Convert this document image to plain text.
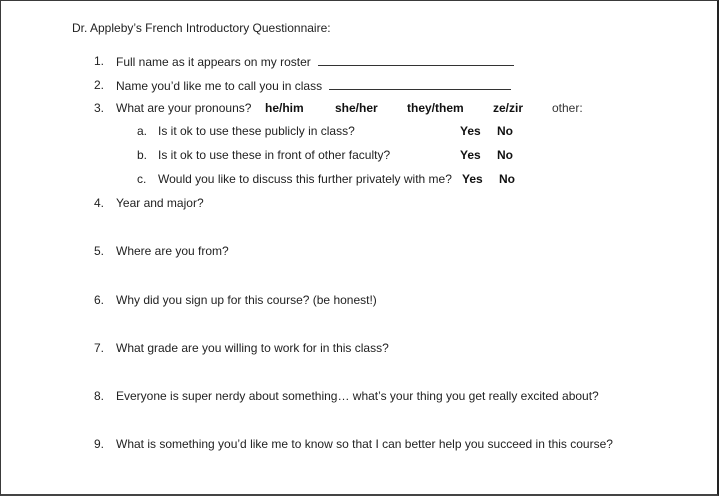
Dr. Appleby’s French Introductory Questionnaire:
1. Full name as it appears on my roster
2. Name you’d like me to call you in class
3. What are your pronouns? he/him	she/her they/them ze/zir other:
a. Is it ok to use these publicly in class?	Yes No
b. Is it ok to use these in front of other faculty?	Yes No
c. Would you like to discuss this further privately with me? Yes No
4. Year and major?
5. Where are you from?
6. Why did you sign up for this course? (be honest!)
7. What grade are you willing to work for in this class?
8. Everyone is super nerdy about something… what’s your thing you get really excited about?
9. What is something you’d like me to know so that I can better help you succeed in this course?
